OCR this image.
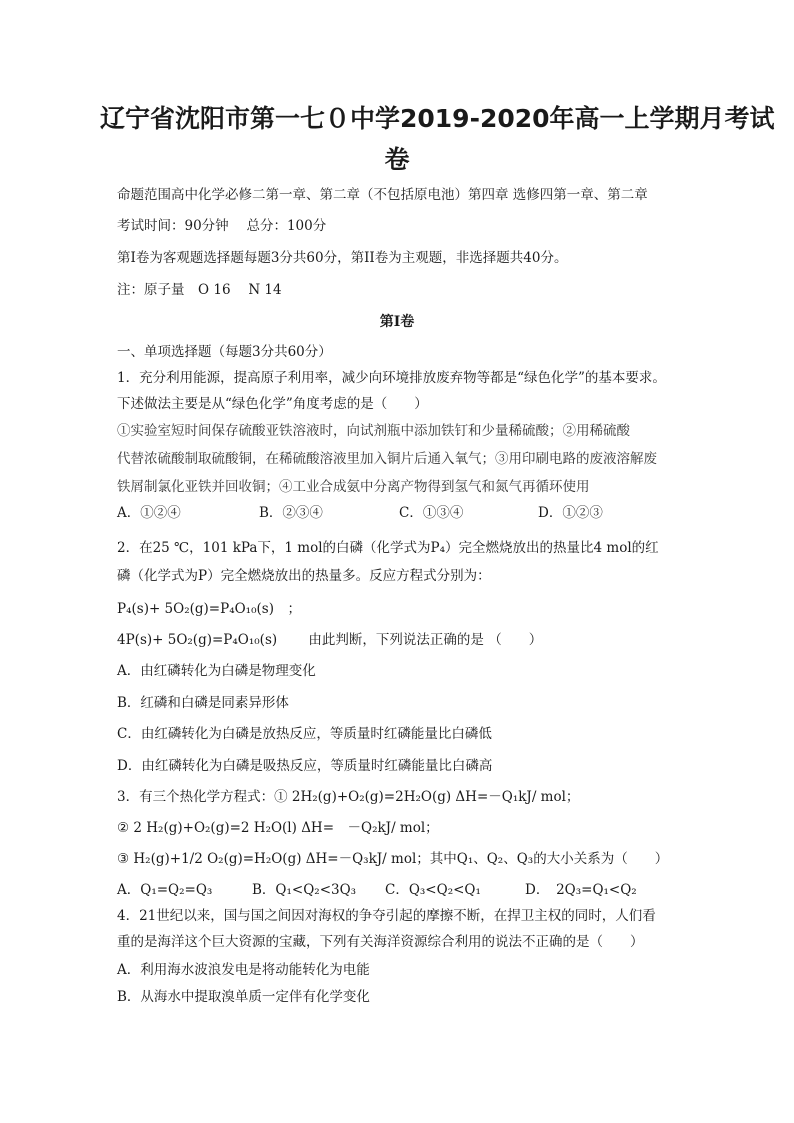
辽宁省沈阳市第一七０中学2019-2020年高一上学期月考试
卷
命题范围高中化学必修二第一章、第二章（不包括原电池）第四章 选修四第一章、第二章
考试时间：90分钟　 总分：100分
第I卷为客观题选择题每题3分共60分，第II卷为主观题，非选择题共40分。
注：原子量　O 16　 N 14
第I卷
一、单项选择题（每题3分共60分）
1．充分利用能源，提高原子利用率，减少向环境排放废弃物等都是“绿色化学”的基本要求。
下述做法主要是从“绿色化学”角度考虑的是（　　）
①实验室短时间保存硫酸亚铁溶液时，向试剂瓶中添加铁钉和少量稀硫酸；②用稀硫酸
代替浓硫酸制取硫酸铜，在稀硫酸溶液里加入铜片后通入氧气；③用印刷电路的废液溶解废
铁屑制氯化亚铁并回收铜；④工业合成氨中分离产物得到氢气和氮气再循环使用
A．①②④	B．②③④	C．①③④	D．①②③
2．在25 ℃，101 kPa下，1 mol的白磷（化学式为P₄）完全燃烧放出的热量比4 mol的红
磷（化学式为P）完全燃烧放出的热量多。反应方程式分别为：
P₄(s)+ 5O₂(g)=P₄O₁₀(s)　；
4P(s)+ 5O₂(g)=P₄O₁₀(s)　　 由此判断，下列说法正确的是 （　　）
A．由红磷转化为白磷是物理变化
B．红磷和白磷是同素异形体
C．由红磷转化为白磷是放热反应，等质量时红磷能量比白磷低
D．由红磷转化为白磷是吸热反应，等质量时红磷能量比白磷高
3．有三个热化学方程式：① 2H₂(g)+O₂(g)=2H₂O(g) ΔH=－Q₁kJ/ mol；
② 2 H₂(g)+O₂(g)=2 H₂O(l) ΔH=　－Q₂kJ/ mol；
③ H₂(g)+1/2 O₂(g)=H₂O(g) ΔH=－Q₃kJ/ mol；其中Q₁、Q₂、Q₃的大小关系为（　　）
A．Q₁=Q₂=Q₃	B．Q₁<Q₂<3Q₃ C．Q₃<Q₂<Q₁	D．　2Q₃=Q₁<Q₂
4．21世纪以来，国与国之间因对海权的争夺引起的摩擦不断，在捍卫主权的同时，人们看
重的是海洋这个巨大资源的宝藏，下列有关海洋资源综合利用的说法不正确的是（　　）
A．利用海水波浪发电是将动能转化为电能
B．从海水中提取溴单质一定伴有化学变化
